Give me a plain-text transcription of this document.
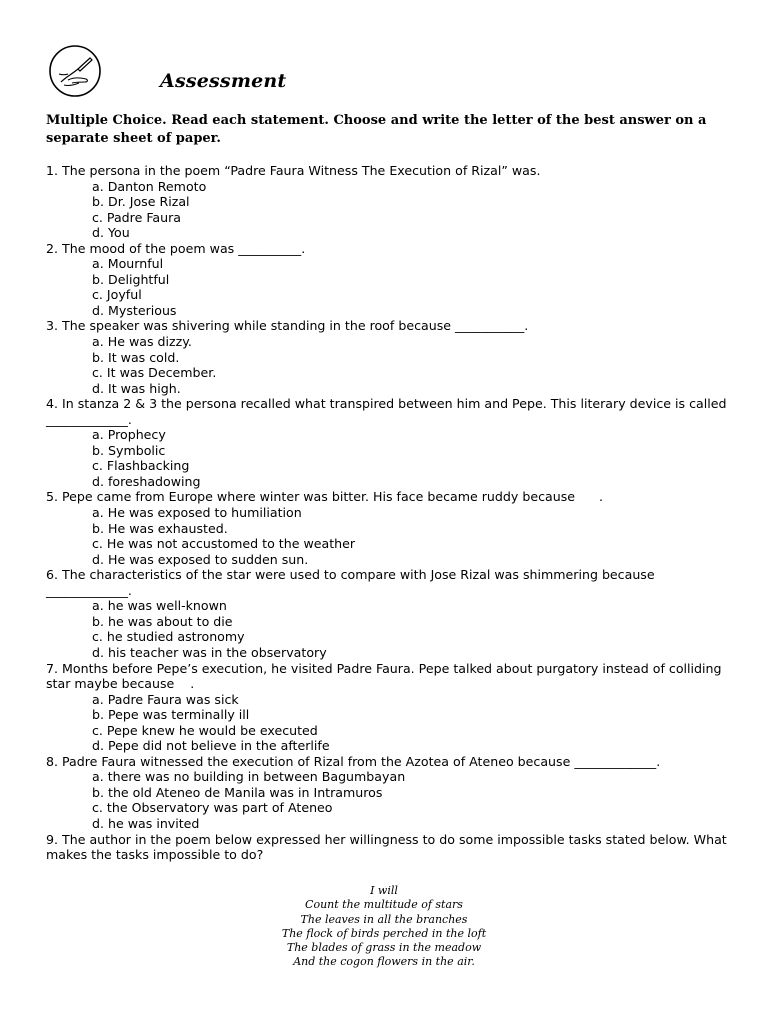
Assessment
Multiple Choice. Read each statement. Choose and write the letter of the best answer on a separate sheet of paper.
1. The persona in the poem “Padre Faura Witness The Execution of Rizal” was.
a. Danton Remoto
b. Dr. Jose Rizal
c. Padre Faura
d. You
2. The mood of the poem was __________.
a. Mournful
b. Delightful
c. Joyful
d. Mysterious
3. The speaker was shivering while standing in the roof because ___________.
a. He was dizzy.
b. It was cold.
c. It was December.
d. It was high.
4. In stanza 2 & 3 the persona recalled what transpired between him and Pepe. This literary device is called _____________.
a. Prophecy
b. Symbolic
c. Flashbacking
d. foreshadowing
5. Pepe came from Europe where winter was bitter. His face became ruddy because      .
a. He was exposed to humiliation
b. He was exhausted.
c. He was not accustomed to the weather
d. He was exposed to sudden sun.
6. The characteristics of the star were used to compare with Jose Rizal was shimmering because _____________.
a. he was well-known
b. he was about to die
c. he studied astronomy
d. his teacher was in the observatory
7. Months before Pepe’s execution, he visited Padre Faura. Pepe talked about purgatory instead of colliding star maybe because    .
a. Padre Faura was sick
b. Pepe was terminally ill
c. Pepe knew he would be executed
d. Pepe did not believe in the afterlife
8. Padre Faura witnessed the execution of Rizal from the Azotea of Ateneo because _____________.
a. there was no building in between Bagumbayan
b. the old Ateneo de Manila was in Intramuros
c. the Observatory was part of Ateneo
d. he was invited
9. The author in the poem below expressed her willingness to do some impossible tasks stated below. What makes the tasks impossible to do?
I will
Count the multitude of stars
The leaves in all the branches
The flock of birds perched in the loft
The blades of grass in the meadow
And the cogon flowers in the air.
